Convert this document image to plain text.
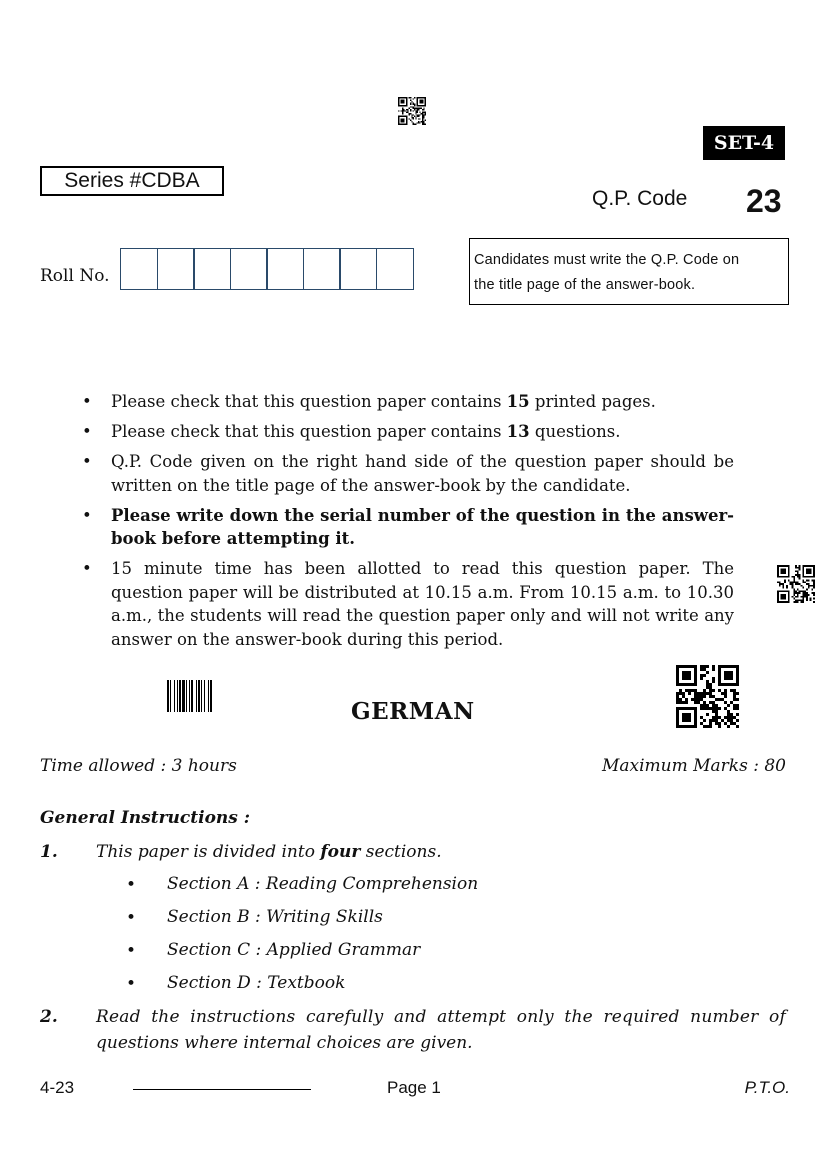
SET-4
Series #CDBA
Q.P. Code 23
Roll No.
Candidates must write the Q.P. Code on
the title page of the answer-book.
•	Please check that this question paper contains 15 printed pages.
•	Please check that this question paper contains 13 questions.
•	Q.P. Code given on the right hand side of the question paper should be written on the title page of the answer-book by the candidate.
•	Please write down the serial number of the question in the answer-book before attempting it.
•	15 minute time has been allotted to read this question paper. The question paper will be distributed at 10.15 a.m. From 10.15 a.m. to 10.30 a.m., the students will read the question paper only and will not write any answer on the answer-book during this period.
GERMAN
Time allowed : 3 hours	Maximum Marks : 80
General Instructions :
1. This paper is divided into four sections.
• Section A : Reading Comprehension
• Section B : Writing Skills
• Section C : Applied Grammar
• Section D : Textbook
2. Read the instructions carefully and attempt only the required number of
questions where internal choices are given.
4-23	Page 1	P.T.O.
